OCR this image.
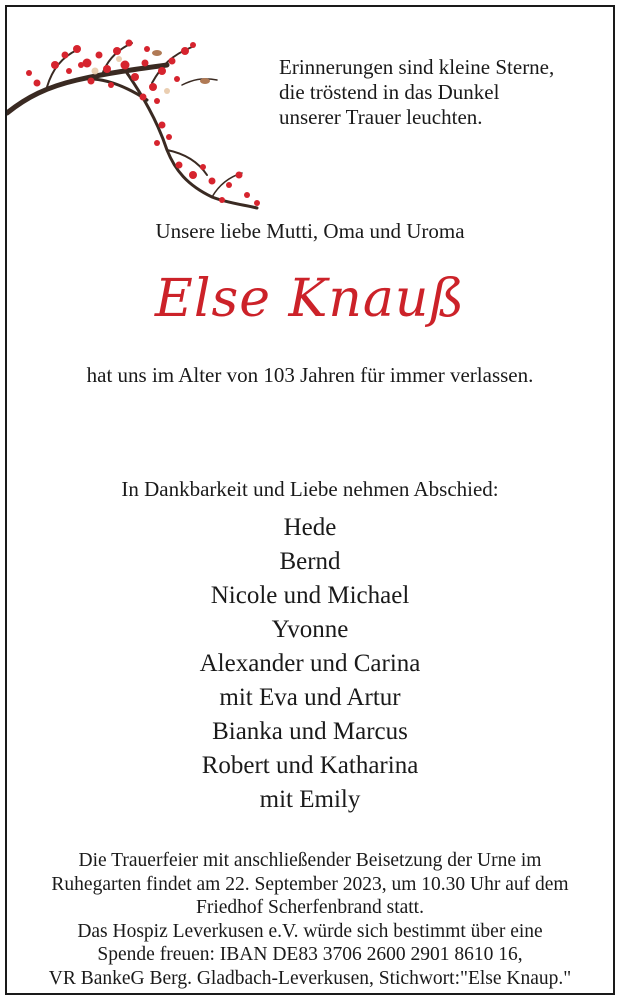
Erinnerungen sind kleine Sterne,
die tröstend in das Dunkel
unserer Trauer leuchten.
Unsere liebe Mutti, Oma und Uroma
Else Knauß
hat uns im Alter von 103 Jahren für immer verlassen.
In Dankbarkeit und Liebe nehmen Abschied:
Hede
Bernd
Nicole und Michael
Yvonne
Alexander und Carina
mit Eva und Artur
Bianka und Marcus
Robert und Katharina
mit Emily
Die Trauerfeier mit anschließender Beisetzung der Urne im
Ruhegarten findet am 22. September 2023, um 10.30 Uhr auf dem
Friedhof Scherfenbrand statt.
Das Hospiz Leverkusen e.V. würde sich bestimmt über eine
Spende freuen: IBAN DE83 3706 2600 2901 8610 16,
VR BankeG Berg. Gladbach-Leverkusen, Stichwort:"Else Knaup."
